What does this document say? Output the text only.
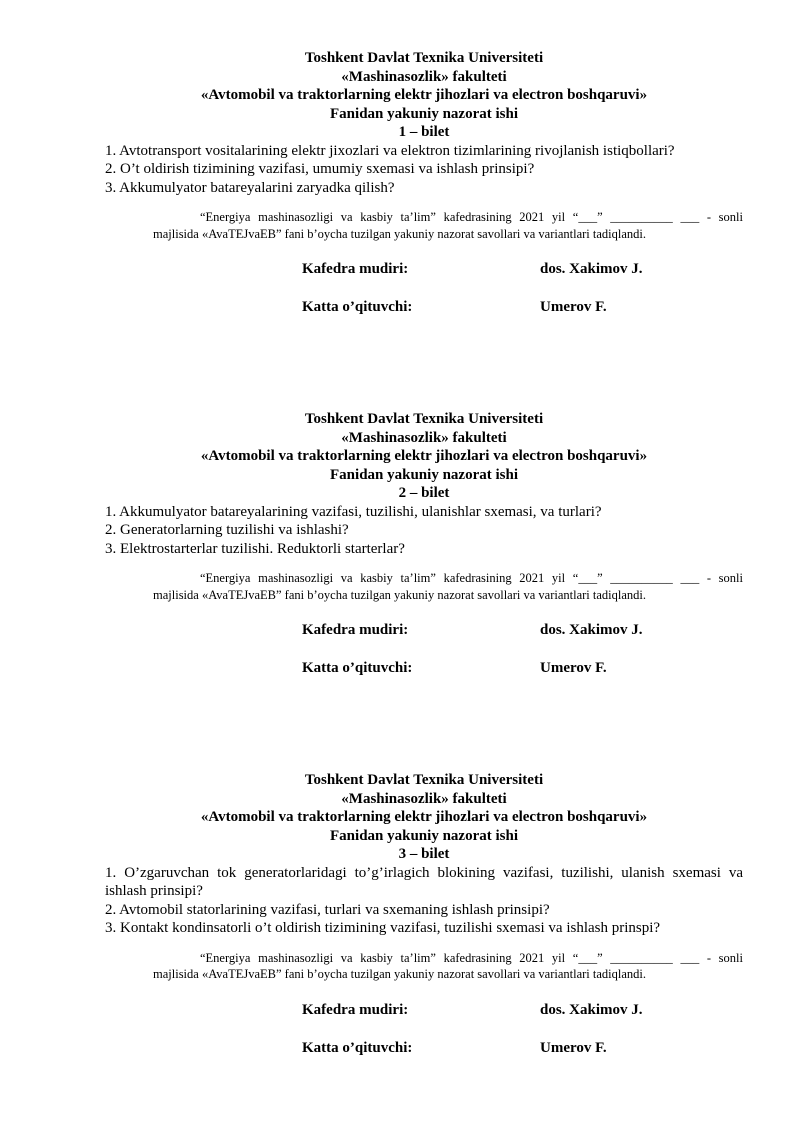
Toshkent Davlat Texnika Universiteti

«Mashinasozlik» fakulteti

«Avtomobil va traktorlarning elektr jihozlari va electron boshqaruvi»

Fanidan yakuniy nazorat ishi

1 – bilet

1. Avtotransport vositalarining elektr jixozlari va elektron tizimlarining rivojlanish istiqbollari?

2. O’t oldirish tizimining vazifasi, umumiy sxemasi va ishlash prinsipi?

3. Akkumulyator batareyalarini zaryadka qilish?

“Energiya mashinasozligi va kasbiy ta’lim” kafedrasining 2021 yil “___” __________ ___ - sonli

majlisida «AvaTEJvaEB” fani b’oycha tuzilgan yakuniy nazorat savollari va variantlari tadiqlandi.

Kafedra mudiri:	dos. Xakimov J.
Katta o’qituvchi:	Umerov F.

Toshkent Davlat Texnika Universiteti

«Mashinasozlik» fakulteti

«Avtomobil va traktorlarning elektr jihozlari va electron boshqaruvi»

Fanidan yakuniy nazorat ishi

2 – bilet

1. Akkumulyator batareyalarining vazifasi, tuzilishi, ulanishlar sxemasi, va turlari?

2. Generatorlarning tuzilishi va ishlashi?

3. Elektrostarterlar tuzilishi. Reduktorli starterlar?

“Energiya mashinasozligi va kasbiy ta’lim” kafedrasining 2021 yil “___” __________ ___ - sonli

majlisida «AvaTEJvaEB” fani b’oycha tuzilgan yakuniy nazorat savollari va variantlari tadiqlandi.

Kafedra mudiri:	dos. Xakimov J.
Katta o’qituvchi:	Umerov F.

Toshkent Davlat Texnika Universiteti

«Mashinasozlik» fakulteti

«Avtomobil va traktorlarning elektr jihozlari va electron boshqaruvi»

Fanidan yakuniy nazorat ishi

3 – bilet

1. O’zgaruvchan tok generatorlaridagi to’g’irlagich blokining vazifasi, tuzilishi, ulanish sxemasi va ishlash prinsipi?

2. Avtomobil statorlarining vazifasi, turlari va sxemaning ishlash prinsipi?

3. Kontakt kondinsatorli o’t oldirish tizimining vazifasi, tuzilishi sxemasi va ishlash prinspi?

“Energiya mashinasozligi va kasbiy ta’lim” kafedrasining 2021 yil “___” __________ ___ - sonli

majlisida «AvaTEJvaEB” fani b’oycha tuzilgan yakuniy nazorat savollari va variantlari tadiqlandi.

Kafedra mudiri:	dos. Xakimov J.
Katta o’qituvchi:	Umerov F.
